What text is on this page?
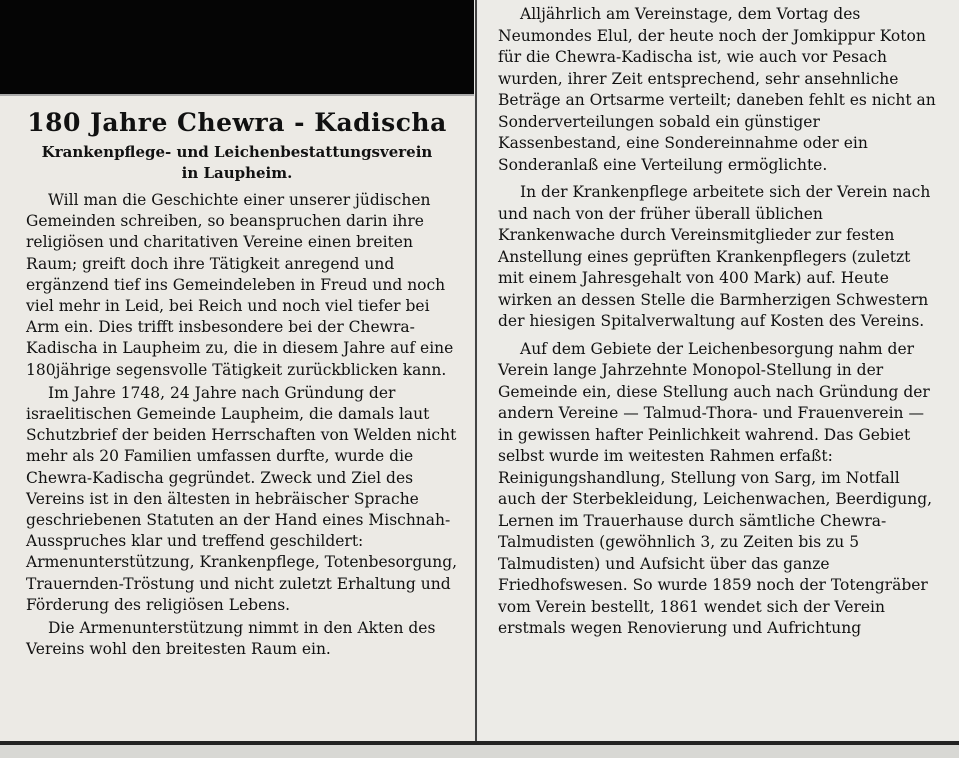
180 Jahre Chewra - Kadischa
Krankenpflege- und Leichenbestattungsverein
in Laupheim.

Will man die Geschichte einer unserer jüdischen Gemeinden schreiben, so beanspruchen darin ihre religiösen und charitativen Vereine einen breiten Raum; greift doch ihre Tätigkeit anregend und ergänzend tief ins Gemeindeleben in Freud und noch viel mehr in Leid, bei Reich und noch viel tiefer bei Arm ein. Dies trifft insbesondere bei der Chewra-Kadischa in Laupheim zu, die in diesem Jahre auf eine 180jährige segensvolle Tätigkeit zurückblicken kann.

Im Jahre 1748, 24 Jahre nach Gründung der israelitischen Gemeinde Laupheim, die damals laut Schutzbrief der beiden Herrschaften von Welden nicht mehr als 20 Familien umfassen durfte, wurde die Chewra-Kadischa gegründet. Zweck und Ziel des Vereins ist in den ältesten in hebräischer Sprache geschriebenen Statuten an der Hand eines Mischnah-Ausspruches klar und treffend geschildert: Armenunterstützung, Krankenpflege, Totenbesorgung, Trauernden-Tröstung und nicht zuletzt Erhaltung und Förderung des religiösen Lebens.

Die Armenunterstützung nimmt in den Akten des Vereins wohl den breitesten Raum ein.

Alljährlich am Vereinstage, dem Vortag des Neumondes Elul, der heute noch der Jomkippur Koton für die Chewra-Kadischa ist, wie auch vor Pesach wurden, ihrer Zeit entsprechend, sehr ansehnliche Beträge an Ortsarme verteilt; daneben fehlt es nicht an Sonderverteilungen sobald ein günstiger Kassenbestand, eine Sondereinnahme oder ein Sonderanlaß eine Verteilung ermöglichte.

In der Krankenpflege arbeitete sich der Verein nach und nach von der früher überall üblichen Krankenwache durch Vereinsmitglieder zur festen Anstellung eines geprüften Krankenpflegers (zuletzt mit einem Jahresgehalt von 400 Mark) auf. Heute wirken an dessen Stelle die Barmherzigen Schwestern der hiesigen Spitalverwaltung auf Kosten des Vereins.

Auf dem Gebiete der Leichenbesorgung nahm der Verein lange Jahrzehnte Monopol-Stellung in der Gemeinde ein, diese Stellung auch nach Gründung der andern Vereine — Talmud-Thora- und Frauenverein — in gewissen hafter Peinlichkeit wahrend. Das Gebiet selbst wurde im weitesten Rahmen erfaßt: Reinigungshandlung, Stellung von Sarg, im Notfall auch der Sterbekleidung, Leichenwachen, Beerdigung, Lernen im Trauerhause durch sämtliche Chewra-Talmudisten (gewöhnlich 3, zu Zeiten bis zu 5 Talmudisten) und Aufsicht über das ganze Friedhofswesen. So wurde 1859 noch der Totengräber vom Verein bestellt, 1861 wendet sich der Verein erstmals wegen Renovierung und Aufrichtung
